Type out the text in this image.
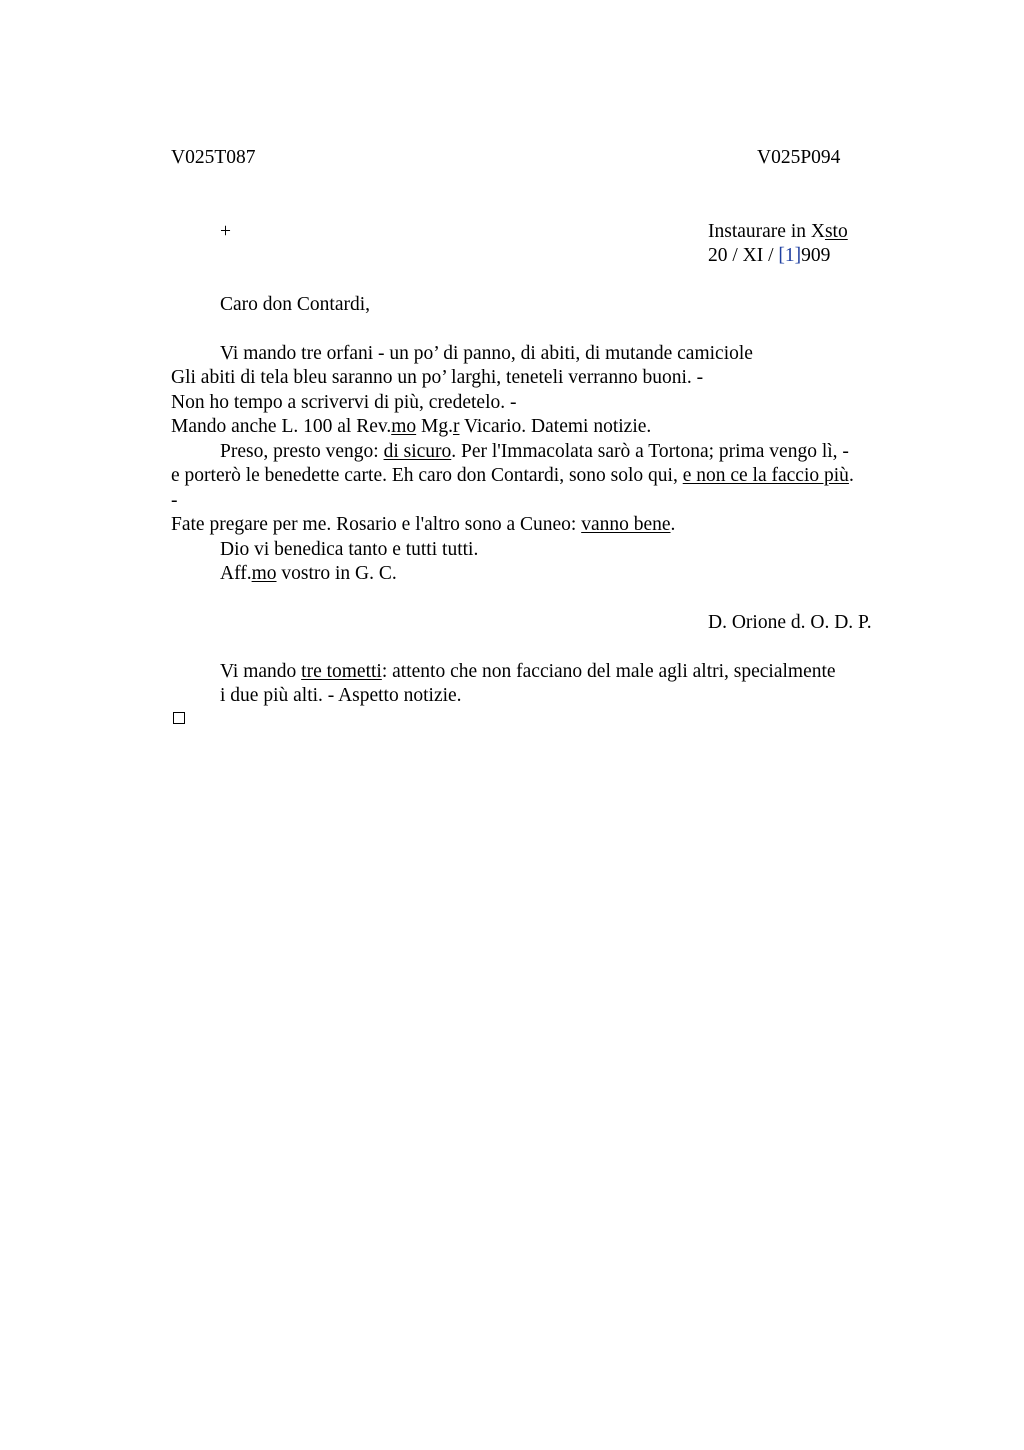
V025T087	V025P094
+	Instaurare in Xsto
20 / XI / [1]909
Caro don Contardi,
Vi mando tre orfani - un po’ di panno, di abiti, di mutande camiciole
Gli abiti di tela bleu saranno un po’ larghi, teneteli verranno buoni. -
Non ho tempo a scrivervi di più, credetelo. -
Mando anche L. 100 al Rev.mo Mg.r Vicario. Datemi notizie.
Preso, presto vengo: di sicuro. Per l'Immacolata sarò a Tortona; prima vengo lì, -
e porterò le benedette carte. Eh caro don Contardi, sono solo qui, e non ce la faccio più.
-
Fate pregare per me. Rosario e l'altro sono a Cuneo: vanno bene.
Dio vi benedica tanto e tutti tutti.
Aff.mo vostro in G. C.
D. Orione d. O. D. P.
Vi mando tre tometti: attento che non facciano del male agli altri, specialmente
i due più alti. - Aspetto notizie.
